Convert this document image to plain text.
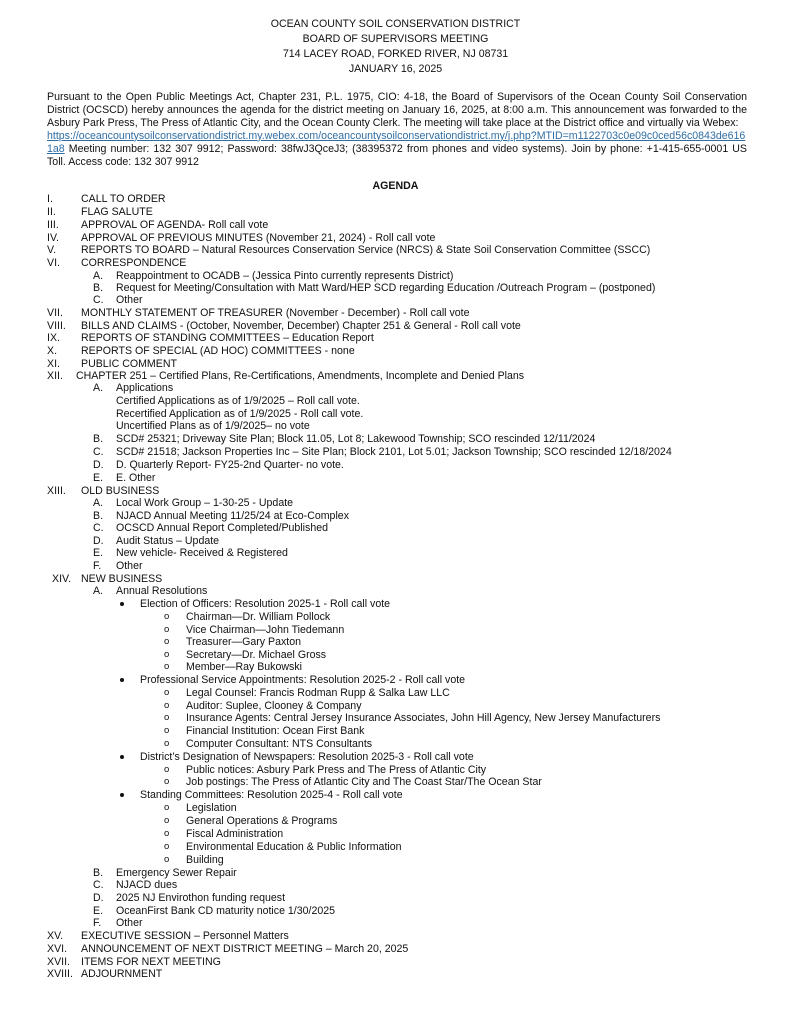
OCEAN COUNTY SOIL CONSERVATION DISTRICT
BOARD OF SUPERVISORS MEETING
714 LACEY ROAD, FORKED RIVER, NJ 08731
JANUARY 16, 2025
Pursuant to the Open Public Meetings Act, Chapter 231, P.L. 1975, CIO: 4-18, the Board of Supervisors of the Ocean County Soil Conservation District (OCSCD) hereby announces the agenda for the district meeting on January 16, 2025, at 8:00 a.m. This announcement was forwarded to the Asbury Park Press, The Press of Atlantic City, and the Ocean County Clerk. The meeting will take place at the District office and virtually via Webex:
https://oceancountysoilconservationdistrict.my.webex.com/oceancountysoilconservationdistrict.my/j.php?MTID=m1122703c0e09c0ced56c0843de6161a8 Meeting number: 132 307 9912; Password: 38fwJ3QceJ3; (38395372 from phones and video systems). Join by phone: +1-415-655-0001 US Toll. Access code: 132 307 9912
AGENDA
I.	CALL TO ORDER
II. FLAG SALUTE
III. APPROVAL OF AGENDA- Roll call vote
IV. APPROVAL OF PREVIOUS MINUTES (November 21, 2024) - Roll call vote
V. REPORTS TO BOARD – Natural Resources Conservation Service (NRCS) & State Soil Conservation Committee (SSCC)
VI. CORRESPONDENCE
A. Reappointment to OCADB – (Jessica Pinto currently represents District)
B. Request for Meeting/Consultation with Matt Ward/HEP SCD regarding Education /Outreach Program – (postponed)
C. Other
VII. MONTHLY STATEMENT OF TREASURER (November - December) - Roll call vote
VIII. BILLS AND CLAIMS - (October, November, December) Chapter 251 & General - Roll call vote
IX. REPORTS OF STANDING COMMITTEES – Education Report
X. REPORTS OF SPECIAL (AD HOC) COMMITTEES - none
XI. PUBLIC COMMENT
XII. CHAPTER 251 – Certified Plans, Re-Certifications, Amendments, Incomplete and Denied Plans
A. Applications
Certified Applications as of 1/9/2025 – Roll call vote.
Recertified Application as of 1/9/2025 - Roll call vote.
Uncertified Plans as of 1/9/2025– no vote
B. SCD# 25321; Driveway Site Plan; Block 11.05, Lot 8; Lakewood Township; SCO rescinded 12/11/2024
C. SCD# 21518; Jackson Properties Inc – Site Plan; Block 2101, Lot 5.01; Jackson Township; SCO rescinded 12/18/2024
D. D. Quarterly Report- FY25-2nd Quarter- no vote.
E. E. Other
XIII. OLD BUSINESS
A. Local Work Group – 1-30-25 - Update
B. NJACD Annual Meeting 11/25/24 at Eco-Complex
C. OCSCD Annual Report Completed/Published
D. Audit Status – Update
E. New vehicle- Received & Registered
F. Other
XIV. NEW BUSINESS
A. Annual Resolutions
Election of Officers: Resolution 2025-1 - Roll call vote
o Chairman—Dr. William Pollock
o Vice Chairman—John Tiedemann
o Treasurer—Gary Paxton
o Secretary—Dr. Michael Gross
o Member—Ray Bukowski
Professional Service Appointments: Resolution 2025-2 - Roll call vote
o Legal Counsel: Francis Rodman Rupp & Salka Law LLC
o Auditor: Suplee, Clooney & Company
o Insurance Agents: Central Jersey Insurance Associates, John Hill Agency, New Jersey Manufacturers
o Financial Institution: Ocean First Bank
o Computer Consultant: NTS Consultants
District’s Designation of Newspapers: Resolution 2025-3 - Roll call vote
o Public notices: Asbury Park Press and The Press of Atlantic City
o Job postings: The Press of Atlantic City and The Coast Star/The Ocean Star
Standing Committees: Resolution 2025-4 - Roll call vote
o Legislation
o General Operations & Programs
o Fiscal Administration
o Environmental Education & Public Information
o Building
B. Emergency Sewer Repair
C. NJACD dues
D. 2025 NJ Envirothon funding request
E. OceanFirst Bank CD maturity notice 1/30/2025
F. Other
XV. EXECUTIVE SESSION – Personnel Matters
XVI. ANNOUNCEMENT OF NEXT DISTRICT MEETING – March 20, 2025
XVII. ITEMS FOR NEXT MEETING
XVIII. ADJOURNMENT
